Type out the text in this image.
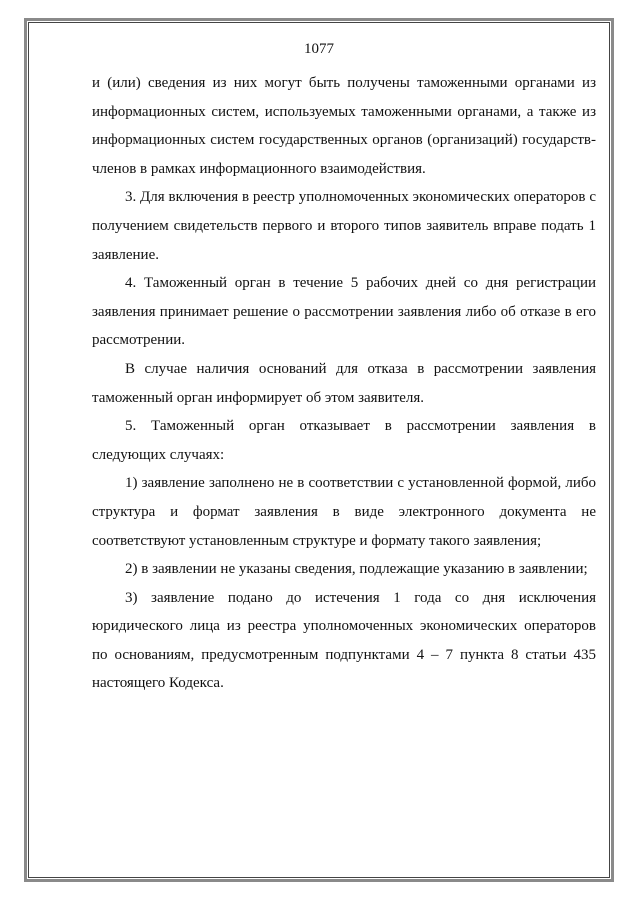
1077

и (или) сведения из них могут быть получены таможенными органами из информационных систем, используемых таможенными органами, а также из информационных систем государственных органов (организаций) государств-членов в рамках информационного взаимодействия.

3. Для включения в реестр уполномоченных экономических операторов с получением свидетельств первого и второго типов заявитель вправе подать 1 заявление.

4. Таможенный орган в течение 5 рабочих дней со дня регистрации заявления принимает решение о рассмотрении заявления либо об отказе в его рассмотрении.

В случае наличия оснований для отказа в рассмотрении заявления таможенный орган информирует об этом заявителя.

5. Таможенный орган отказывает в рассмотрении заявления в следующих случаях:

1) заявление заполнено не в соответствии с установленной формой, либо структура и формат заявления в виде электронного документа не соответствуют установленным структуре и формату такого заявления;

2) в заявлении не указаны сведения, подлежащие указанию в заявлении;

3) заявление подано до истечения 1 года со дня исключения юридического лица из реестра уполномоченных экономических операторов по основаниям, предусмотренным подпунктами 4 – 7 пункта 8 статьи 435 настоящего Кодекса.
